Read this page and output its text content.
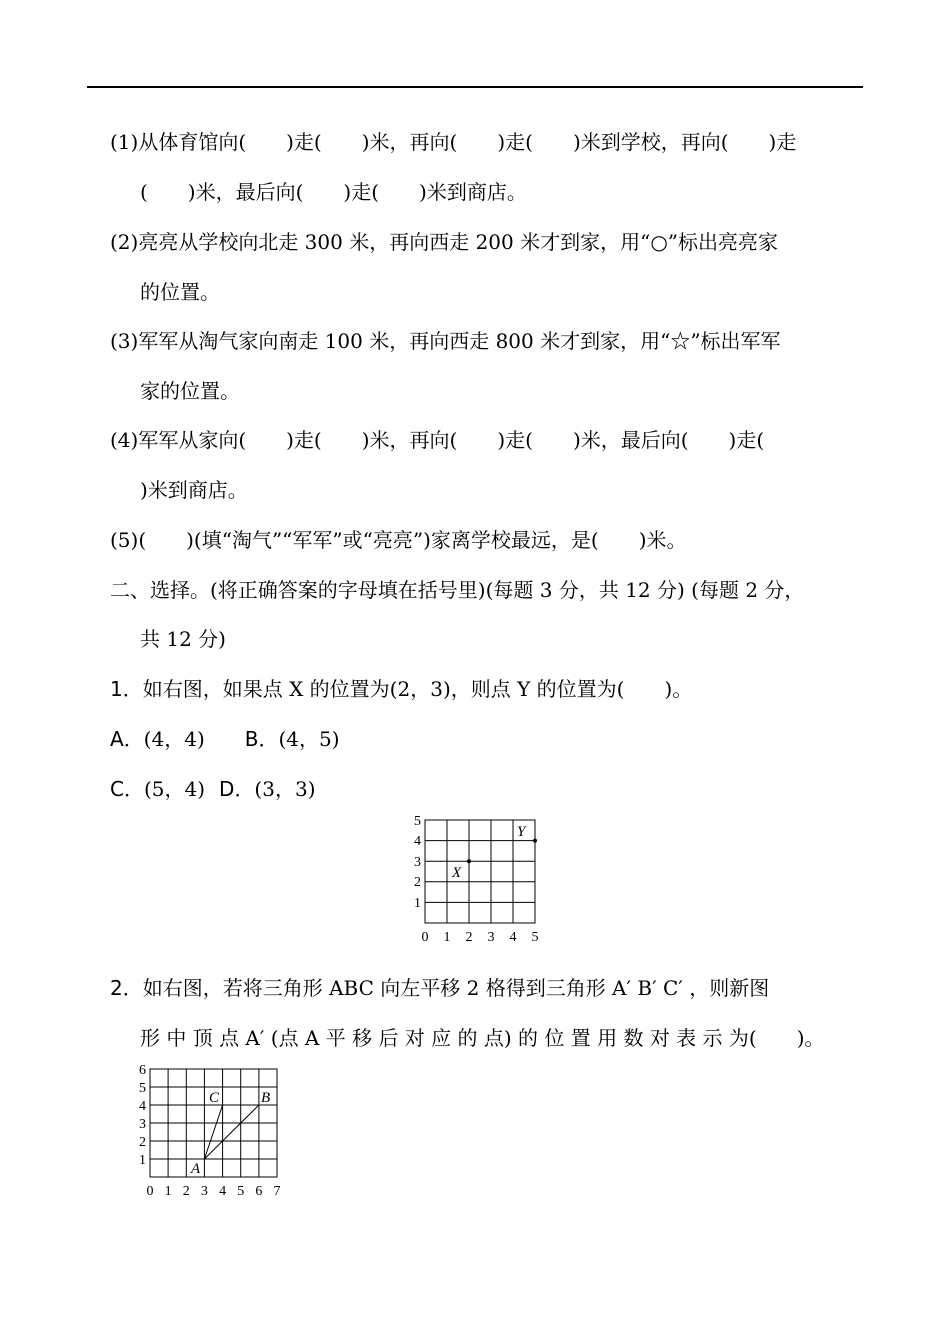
(1)从体育馆向(　　)走(　　)米，再向(　　)走(　　)米到学校，再向(　　)走
(　　)米，最后向(　　)走(　　)米到商店。
(2)亮亮从学校向北走 300 米，再向西走 200 米才到家，用“○”标出亮亮家
的位置。
(3)军军从淘气家向南走 100 米，再向西走 800 米才到家，用“☆”标出军军
家的位置。
(4)军军从家向(　　)走(　　)米，再向(　　)走(　　)米，最后向(　　)走(
)米到商店。
(5)(　　)(填“淘气”“军军”或“亮亮”)家离学校最远，是(　　)米。
二、选择。(将正确答案的字母填在括号里)(每题 3 分，共 12 分) (每题 2 分，
共 12 分)
1．如右图，如果点 X 的位置为(2，3)，则点 Y 的位置为(　　)。
A．(4，4) B．(4，5)
C．(5，4) D．(3，3)
0 1 2 3 4 5
1
2
3
4
5
X
Y
2．如右图，若将三角形 ABC 向左平移 2 格得到三角形 A′ B′ C′ ，则新图
形 中 顶 点 A′ (点 A 平 移 后 对 应 的 点) 的 位 置 用 数 对 表 示 为(　　)。
0 1 2 3 4 5 6 7
1
2
3
4
5
6
A
B
C
